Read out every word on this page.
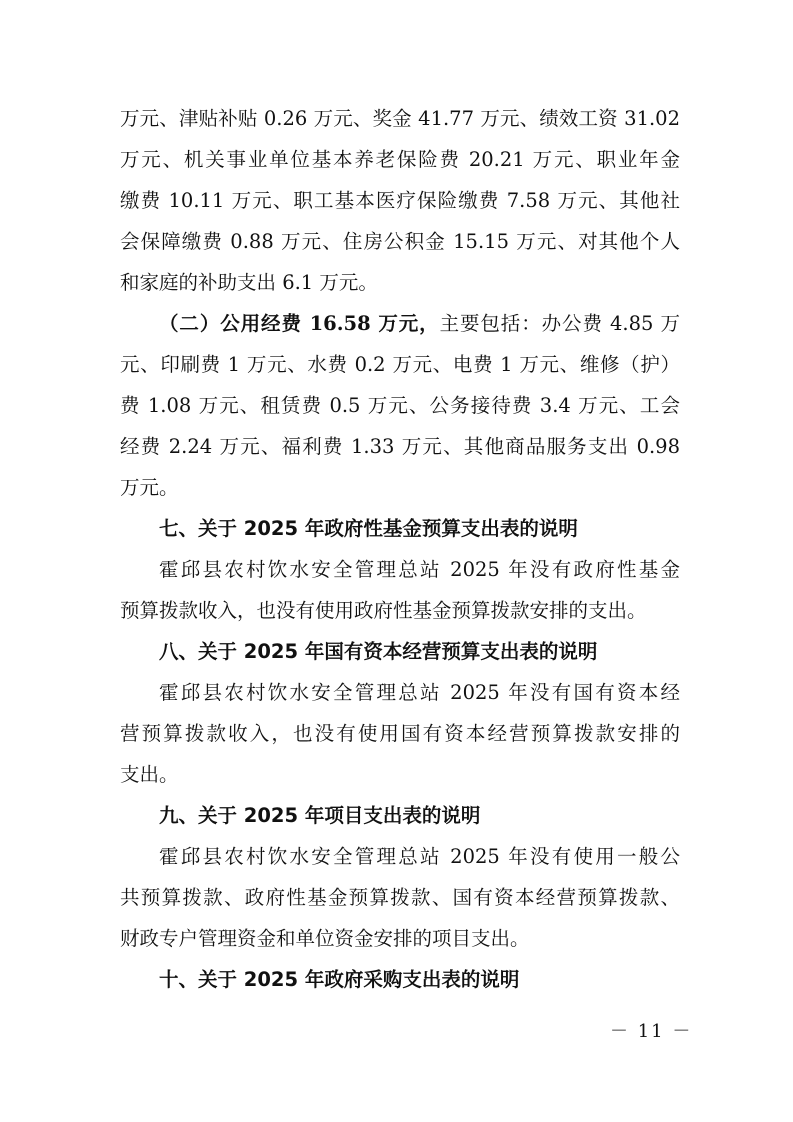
万元、津贴补贴 0.26 万元、奖金 41.77 万元、绩效工资 31.02
万元、机关事业单位基本养老保险费 20.21 万元、职业年金
缴费 10.11 万元、职工基本医疗保险缴费 7.58 万元、其他社
会保障缴费 0.88 万元、住房公积金 15.15 万元、对其他个人
和家庭的补助支出 6.1 万元。
（二）公用经费 16.58 万元，主要包括：办公费 4.85 万
元、印刷费 1 万元、水费 0.2 万元、电费 1 万元、维修（护）
费 1.08 万元、租赁费 0.5 万元、公务接待费 3.4 万元、工会
经费 2.24 万元、福利费 1.33 万元、其他商品服务支出 0.98
万元。
七、关于 2025 年政府性基金预算支出表的说明
霍邱县农村饮水安全管理总站 2025 年没有政府性基金
预算拨款收入，也没有使用政府性基金预算拨款安排的支出。
八、关于 2025 年国有资本经营预算支出表的说明
霍邱县农村饮水安全管理总站 2025 年没有国有资本经
营预算拨款收入，也没有使用国有资本经营预算拨款安排的
支出。
九、关于 2025 年项目支出表的说明
霍邱县农村饮水安全管理总站 2025 年没有使用一般公
共预算拨款、政府性基金预算拨款、国有资本经营预算拨款、
财政专户管理资金和单位资金安排的项目支出。
十、关于 2025 年政府采购支出表的说明
－ 11 －
